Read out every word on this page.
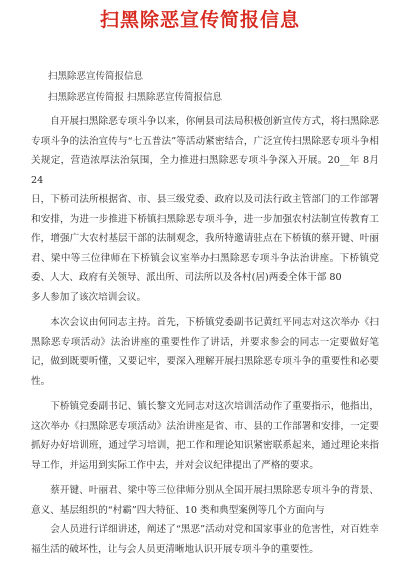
扫黑除恶宣传简报信息
扫黑除恶宣传简报信息
扫黑除恶宣传简报 扫黑除恶宣传简报信息

自开展扫黑除恶专项斗争以来，你闸县司法局积极创新宣传方式，将扫黑除恶专项斗争的法治宣传与“七五普法”等活动紧密结合，广泛宣传扫黑除恶专项斗争相关规定，营造浓厚法治氛围，全力推进扫黑除恶专项斗争深入开展。20__年 8月 24

日，下桥司法所根据省、市、县三级党委、政府以及司法行政主管部门的工作部署和安排，为进一步推进下桥镇扫黑除恶专项斗争，进一步加强农村法制宣传教育工作，增强广大农村基层干部的法制观念，我所特邀请驻点在下桥镇的蔡开键、叶丽君、梁中等三位律师在下桥镇会议室举办扫黑除恶专项斗争法治讲座。下桥镇党委、人大、政府有关领导、派出所、司法所以及各村(居)两委全体干部 80

多人参加了该次培训会议。

本次会议由何同志主持。首先，下桥镇党委副书记黄红平同志对这次举办《扫黑除恶专项活动》法治讲座的重要性作了讲话，并要求参会的同志一定要做好笔记，做到既要听懂，又要记牢，要深入理解开展扫黑除恶专项斗争的重要性和必要性。

下桥镇党委副书记、镇长黎文光同志对这次培训活动作了重要指示，他指出，这次举办《扫黑除恶专项活动》法治讲座是省、市、县的工作部署和安排，一定要抓好办好培训班，通过学习培训，把工作和理论知识紧密联系起来，通过理论来指导工作，并运用到实际工作中去，并对会议纪律提出了严格的要求。

蔡开键、叶丽君、梁中等三位律师分别从全国开展扫黑除恶专项斗争的背景、意义、基层组织的“村霸”四大特征、10 类和典型案例等几个方面向与

会人员进行详细讲述，阐述了“黑恶”活动对党和国家事业的危害性，对百姓幸福生活的破坏性，让与会人员更清晰地认识开展专项斗争的重要性。
